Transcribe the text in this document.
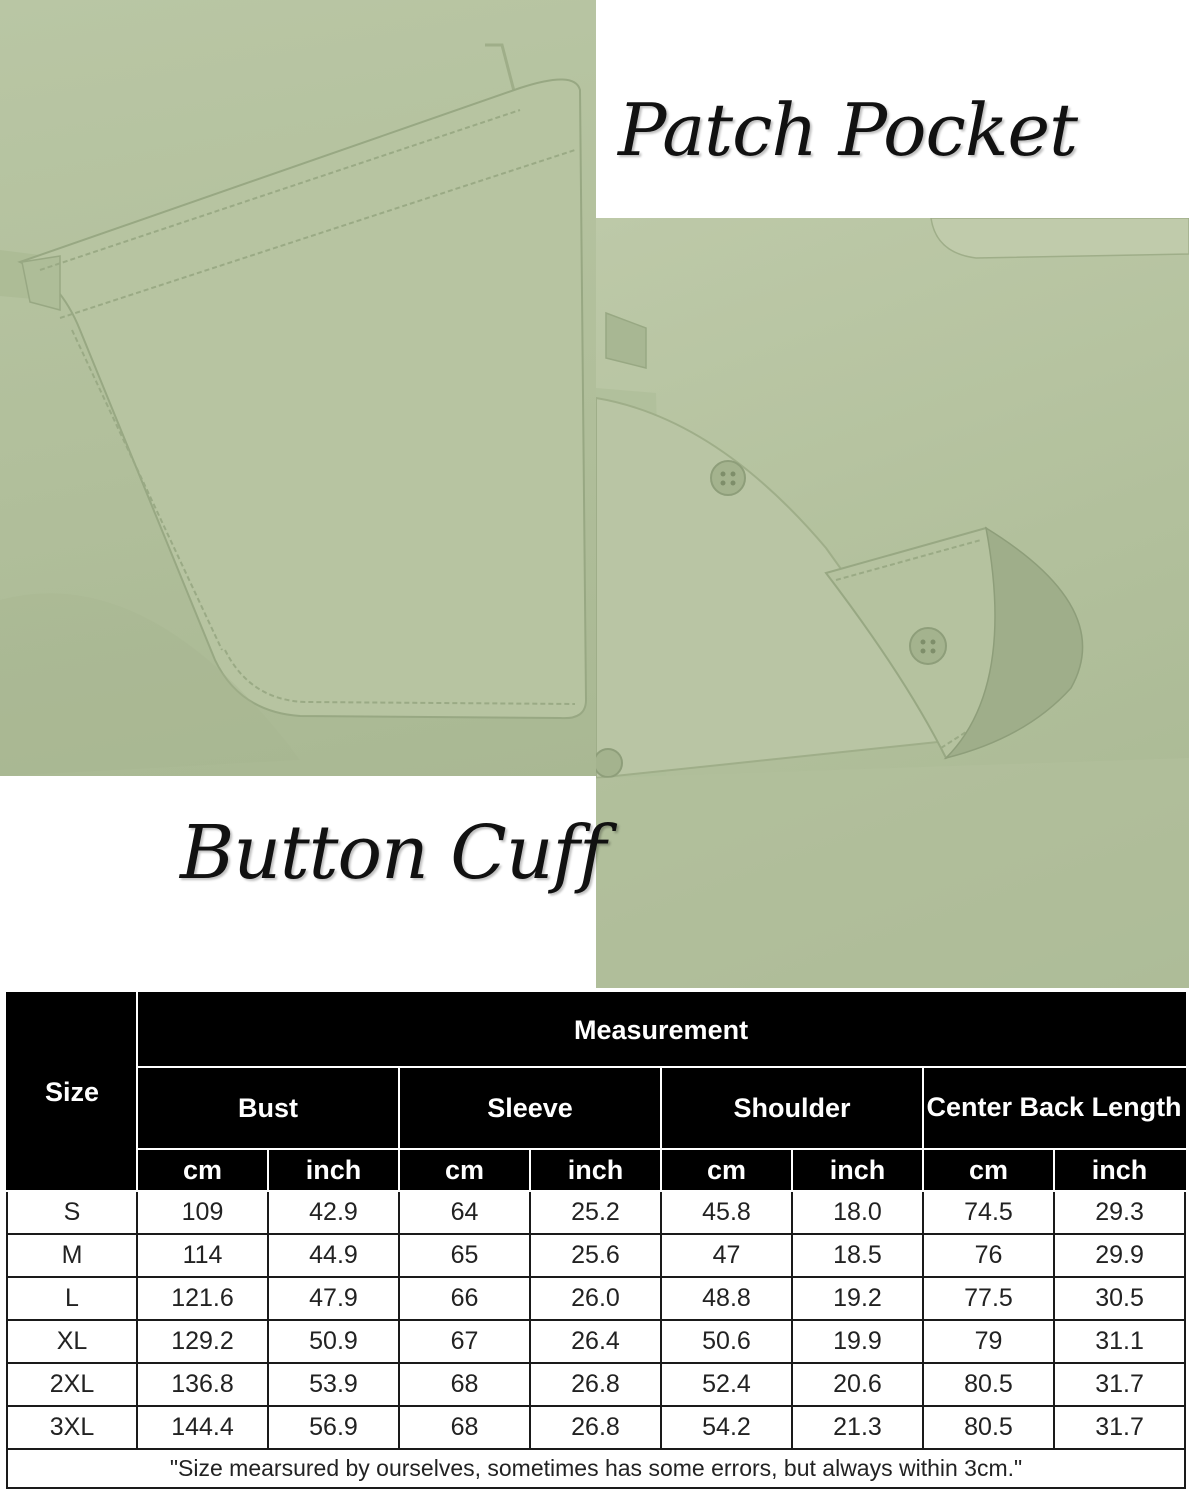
Patch Pocket
Button Cuff
Size	Measurement							
	Bust		Sleeve		Shoulder		Center Back Length	
	cm	inch	cm	inch	cm	inch	cm	inch
S	109	42.9	64	25.2	45.8	18.0	74.5	29.3
M	114	44.9	65	25.6	47	18.5	76	29.9
L	121.6	47.9	66	26.0	48.8	19.2	77.5	30.5
XL	129.2	50.9	67	26.4	50.6	19.9	79	31.1
2XL	136.8	53.9	68	26.8	52.4	20.6	80.5	31.7
3XL	144.4	56.9	68	26.8	54.2	21.3	80.5	31.7
"Size mearsured by ourselves, sometimes has some errors, but always within 3cm."								
